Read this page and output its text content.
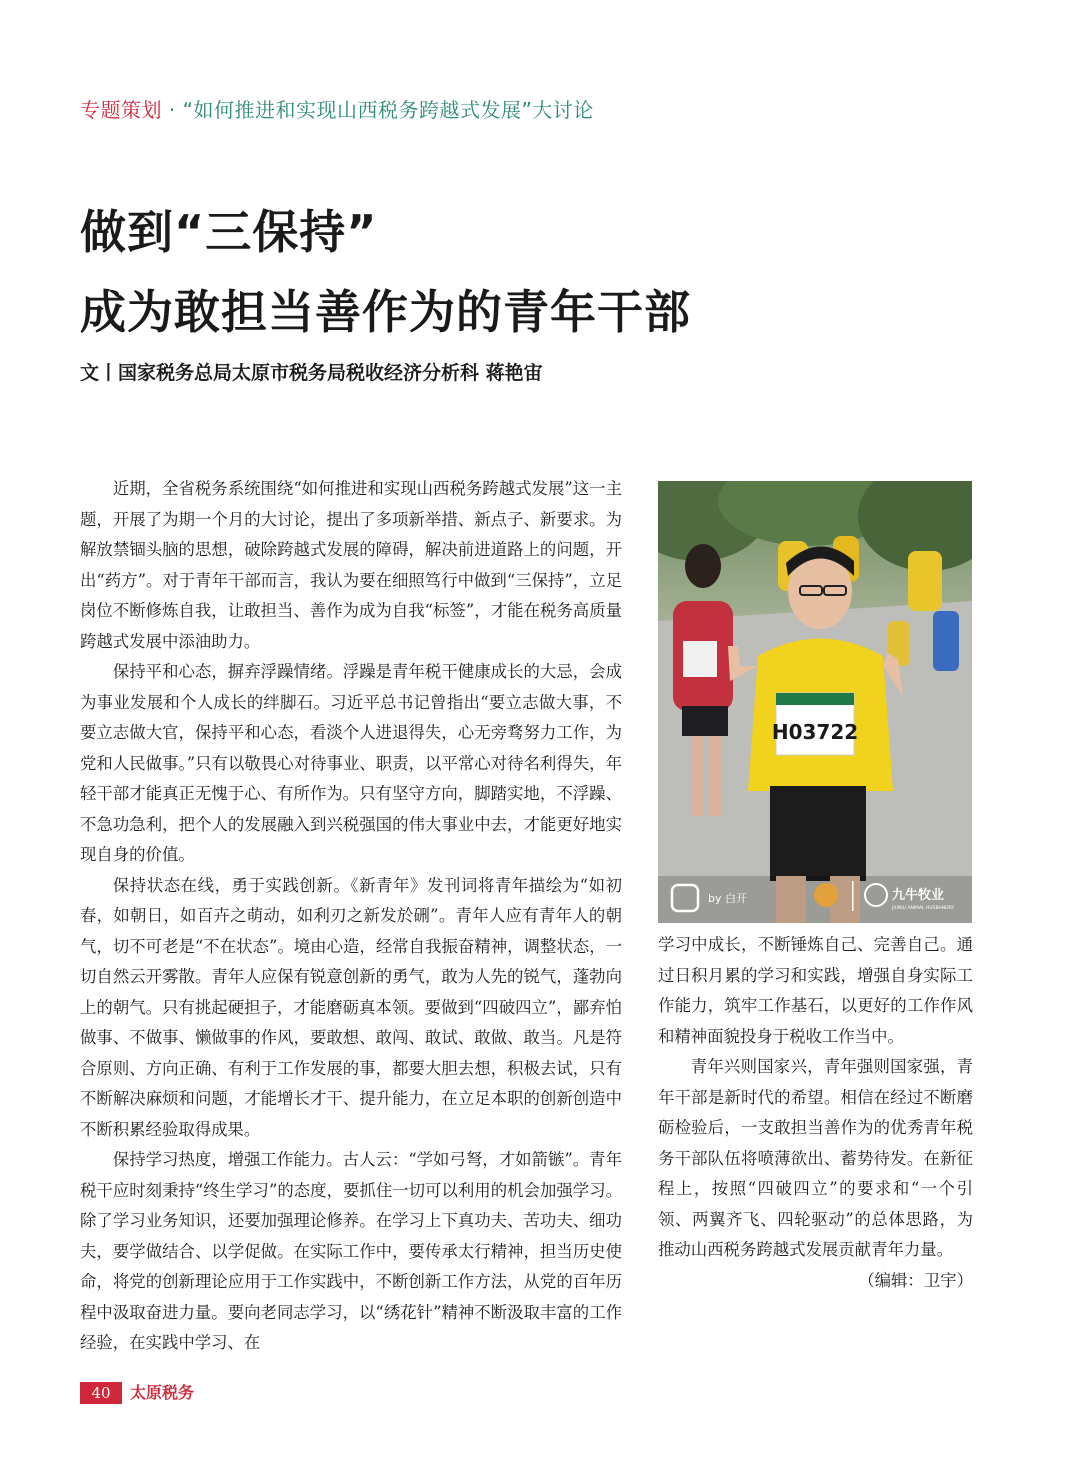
专题策划 · “如何推进和实现山西税务跨越式发展”大讨论
做到“三保持”
成为敢担当善作为的青年干部
文丨国家税务总局太原市税务局税收经济分析科 蒋艳宙

近期，全省税务系统围绕“如何推进和实现山西税务跨越式发展”这一主题，开展了为期一个月的大讨论，提出了多项新举措、新点子、新要求。为解放禁锢头脑的思想，破除跨越式发展的障碍，解决前进道路上的问题，开出“药方”。对于青年干部而言，我认为要在细照笃行中做到“三保持”，立足岗位不断修炼自我，让敢担当、善作为成为自我“标签”，才能在税务高质量跨越式发展中添油助力。

保持平和心态，摒弃浮躁情绪。浮躁是青年税干健康成长的大忌，会成为事业发展和个人成长的绊脚石。习近平总书记曾指出“要立志做大事，不要立志做大官，保持平和心态，看淡个人进退得失，心无旁骛努力工作，为党和人民做事。”只有以敬畏心对待事业、职责，以平常心对待名利得失，年轻干部才能真正无愧于心、有所作为。只有坚守方向，脚踏实地，不浮躁、不急功急利，把个人的发展融入到兴税强国的伟大事业中去，才能更好地实现自身的价值。

保持状态在线，勇于实践创新。《新青年》发刊词将青年描绘为“如初春，如朝日，如百卉之萌动，如利刃之新发於硎”。青年人应有青年人的朝气，切不可老是“不在状态”。境由心造，经常自我振奋精神，调整状态，一切自然云开雾散。青年人应保有锐意创新的勇气，敢为人先的锐气，蓬勃向上的朝气。只有挑起硬担子，才能磨砺真本领。要做到“四破四立”，鄙弃怕做事、不做事、懒做事的作风，要敢想、敢闯、敢试、敢做、敢当。凡是符合原则、方向正确、有利于工作发展的事，都要大胆去想，积极去试，只有不断解决麻烦和问题，才能增长才干、提升能力，在立足本职的创新创造中不断积累经验取得成果。

保持学习热度，增强工作能力。古人云：“学如弓弩，才如箭镞”。青年税干应时刻秉持“终生学习”的态度，要抓住一切可以利用的机会加强学习。除了学习业务知识，还要加强理论修养。在学习上下真功夫、苦功夫、细功夫，要学做结合、以学促做。在实际工作中，要传承太行精神，担当历史使命，将党的创新理论应用于工作实践中，不断创新工作方法，从党的百年历程中汲取奋进力量。要向老同志学习，以“绣花针”精神不断汲取丰富的工作经验，在实践中学习、在

H03722
by 白开	九牛牧业
JIUNIU ANIMAL HUSBANDRY

学习中成长，不断锤炼自己、完善自己。通过日积月累的学习和实践，增强自身实际工作能力，筑牢工作基石，以更好的工作作风和精神面貌投身于税收工作当中。

青年兴则国家兴，青年强则国家强，青年干部是新时代的希望。相信在经过不断磨砺检验后，一支敢担当善作为的优秀青年税务干部队伍将喷薄欲出、蓄势待发。在新征程上，按照“四破四立”的要求和“一个引领、两翼齐飞、四轮驱动”的总体思路，为推动山西税务跨越式发展贡献青年力量。

（编辑：卫宇）
40	太原税务
